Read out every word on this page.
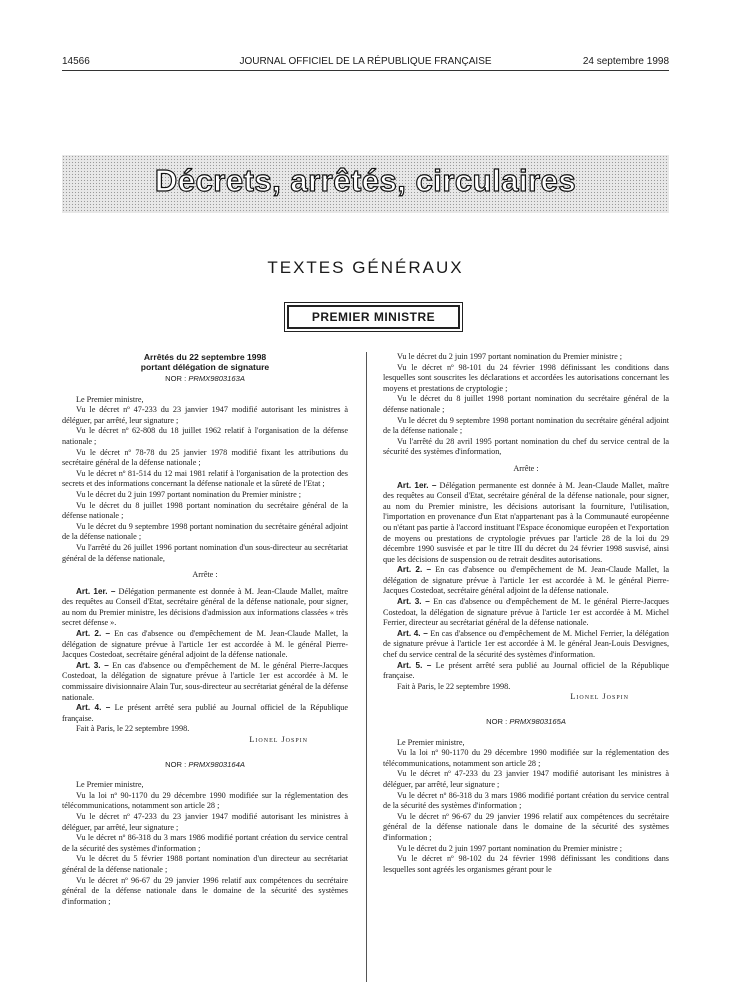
14566	JOURNAL OFFICIEL DE LA RÉPUBLIQUE FRANÇAISE	24 septembre 1998
Décrets, arrêtés, circulaires
TEXTES GÉNÉRAUX
PREMIER MINISTRE

Arrêtés du 22 septembre 1998

portant délégation de signature

NOR : PRMX9803163A

Le Premier ministre,

Vu le décret nº 47-233 du 23 janvier 1947 modifié autorisant les ministres à déléguer, par arrêté, leur signature ;

Vu le décret nº 62-808 du 18 juillet 1962 relatif à l'organisation de la défense nationale ;

Vu le décret nº 78-78 du 25 janvier 1978 modifié fixant les attributions du secrétaire général de la défense nationale ;

Vu le décret nº 81-514 du 12 mai 1981 relatif à l'organisation de la protection des secrets et des informations concernant la défense nationale et la sûreté de l'Etat ;

Vu le décret du 2 juin 1997 portant nomination du Premier ministre ;

Vu le décret du 8 juillet 1998 portant nomination du secrétaire général de la défense nationale ;

Vu le décret du 9 septembre 1998 portant nomination du secrétaire général adjoint de la défense nationale ;

Vu l'arrêté du 26 juillet 1996 portant nomination d'un sous-directeur au secrétariat général de la défense nationale,

Arrête :

Art. 1er. – Délégation permanente est donnée à M. Jean-Claude Mallet, maître des requêtes au Conseil d'Etat, secrétaire général de la défense nationale, pour signer, au nom du Premier ministre, les décisions d'admission aux informations classées « très secret défense ».

Art. 2. – En cas d'absence ou d'empêchement de M. Jean-Claude Mallet, la délégation de signature prévue à l'article 1er est accordée à M. le général Pierre-Jacques Costedoat, secrétaire général adjoint de la défense nationale.

Art. 3. – En cas d'absence ou d'empêchement de M. le général Pierre-Jacques Costedoat, la délégation de signature prévue à l'article 1er est accordée à M. le commissaire divisionnaire Alain Tur, sous-directeur au secrétariat général de la défense nationale.

Art. 4. – Le présent arrêté sera publié au Journal officiel de la République française.

Fait à Paris, le 22 septembre 1998.

Lionel Jospin

NOR : PRMX9803164A

Le Premier ministre,

Vu la loi nº 90-1170 du 29 décembre 1990 modifiée sur la réglementation des télécommunications, notamment son article 28 ;

Vu le décret nº 47-233 du 23 janvier 1947 modifié autorisant les ministres à déléguer, par arrêté, leur signature ;

Vu le décret nº 86-318 du 3 mars 1986 modifié portant création du service central de la sécurité des systèmes d'information ;

Vu le décret du 5 février 1988 portant nomination d'un directeur au secrétariat général de la défense nationale ;

Vu le décret nº 96-67 du 29 janvier 1996 relatif aux compétences du secrétaire général de la défense nationale dans le domaine de la sécurité des systèmes d'information ;

Vu le décret du 2 juin 1997 portant nomination du Premier ministre ;

Vu le décret nº 98-101 du 24 février 1998 définissant les conditions dans lesquelles sont souscrites les déclarations et accordées les autorisations concernant les moyens et prestations de cryptologie ;

Vu le décret du 8 juillet 1998 portant nomination du secrétaire général de la défense nationale ;

Vu le décret du 9 septembre 1998 portant nomination du secrétaire général adjoint de la défense nationale ;

Vu l'arrêté du 28 avril 1995 portant nomination du chef du service central de la sécurité des systèmes d'information,

Arrête :

Art. 1er. – Délégation permanente est donnée à M. Jean-Claude Mallet, maître des requêtes au Conseil d'Etat, secrétaire général de la défense nationale, pour signer, au nom du Premier ministre, les décisions autorisant la fourniture, l'utilisation, l'importation en provenance d'un Etat n'appartenant pas à la Communauté européenne ou n'étant pas partie à l'accord instituant l'Espace économique européen et l'exportation de moyens ou prestations de cryptologie prévues par l'article 28 de la loi du 29 décembre 1990 susvisée et par le titre III du décret du 24 février 1998 susvisé, ainsi que les décisions de suspension ou de retrait desdites autorisations.

Art. 2. – En cas d'absence ou d'empêchement de M. Jean-Claude Mallet, la délégation de signature prévue à l'article 1er est accordée à M. le général Pierre-Jacques Costedoat, secrétaire général adjoint de la défense nationale.

Art. 3. – En cas d'absence ou d'empêchement de M. le général Pierre-Jacques Costedoat, la délégation de signature prévue à l'article 1er est accordée à M. Michel Ferrier, directeur au secrétariat général de la défense nationale.

Art. 4. – En cas d'absence ou d'empêchement de M. Michel Ferrier, la délégation de signature prévue à l'article 1er est accordée à M. le général Jean-Louis Desvignes, chef du service central de la sécurité des systèmes d'information.

Art. 5. – Le présent arrêté sera publié au Journal officiel de la République française.

Fait à Paris, le 22 septembre 1998.

Lionel Jospin

NOR : PRMX9803165A

Le Premier ministre,

Vu la loi nº 90-1170 du 29 décembre 1990 modifiée sur la réglementation des télécommunications, notamment son article 28 ;

Vu le décret nº 47-233 du 23 janvier 1947 modifié autorisant les ministres à déléguer, par arrêté, leur signature ;

Vu le décret nº 86-318 du 3 mars 1986 modifié portant création du service central de la sécurité des systèmes d'information ;

Vu le décret nº 96-67 du 29 janvier 1996 relatif aux compétences du secrétaire général de la défense nationale dans le domaine de la sécurité des systèmes d'information ;

Vu le décret du 2 juin 1997 portant nomination du Premier ministre ;

Vu le décret nº 98-102 du 24 février 1998 définissant les conditions dans lesquelles sont agréés les organismes gérant pour le
